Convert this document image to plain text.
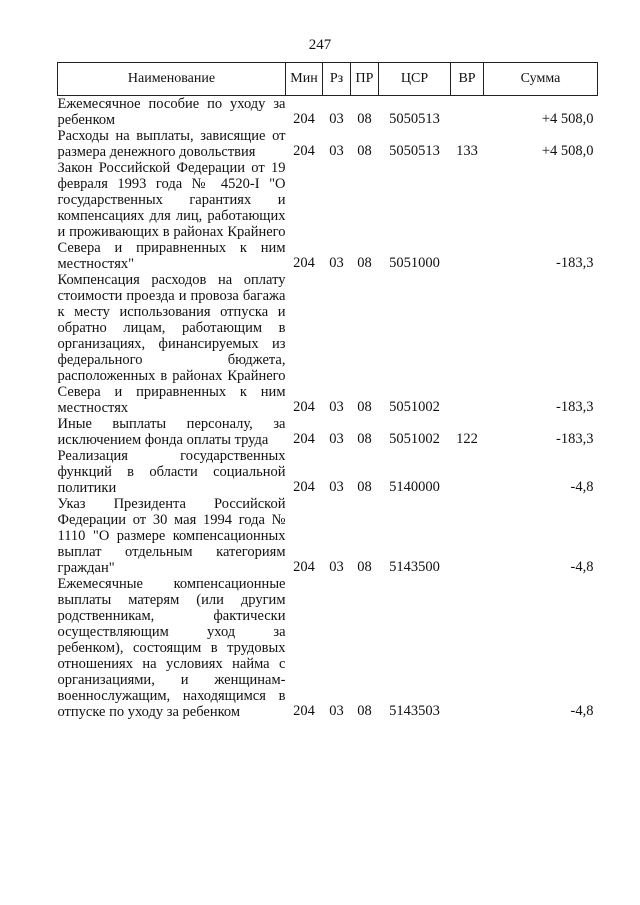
247
Наименование	Мин	Рз	ПР	ЦСР	ВР	Сумма
Ежемесячное пособие по уходу за ребенком	204	03	08	5050513		+4 508,0
Расходы на выплаты, зависящие от размера денежного довольствия	204	03	08	5050513	133	+4 508,0
Закон Российской Федерации от 19 февраля 1993 года № 4520-I "О государственных гарантиях и компенсациях для лиц, работающих и проживающих в районах Крайнего Севера и приравненных к ним местностях"	204	03	08	5051000		-183,3
Компенсация расходов на оплату стоимости проезда и провоза багажа к месту использования отпуска и обратно лицам, работающим в организациях, финансируемых из федерального бюджета, расположенных в районах Крайнего Севера и приравненных к ним местностях	204	03	08	5051002		-183,3
Иные выплаты персоналу, за исключением фонда оплаты труда	204	03	08	5051002	122	-183,3
Реализация государственных функций в области социальной политики	204	03	08	5140000		-4,8
Указ Президента Российской Федерации от 30 мая 1994 года № 1110 "О размере компенсационных выплат отдельным категориям граждан"	204	03	08	5143500		-4,8
Ежемесячные компенсационные выплаты матерям (или другим родственникам, фактически осуществляющим уход за ребенком), состоящим в трудовых отношениях на условиях найма с организациями, и женщинам-военнослужащим, находящимся в отпуске по уходу за ребенком	204	03	08	5143503		-4,8
